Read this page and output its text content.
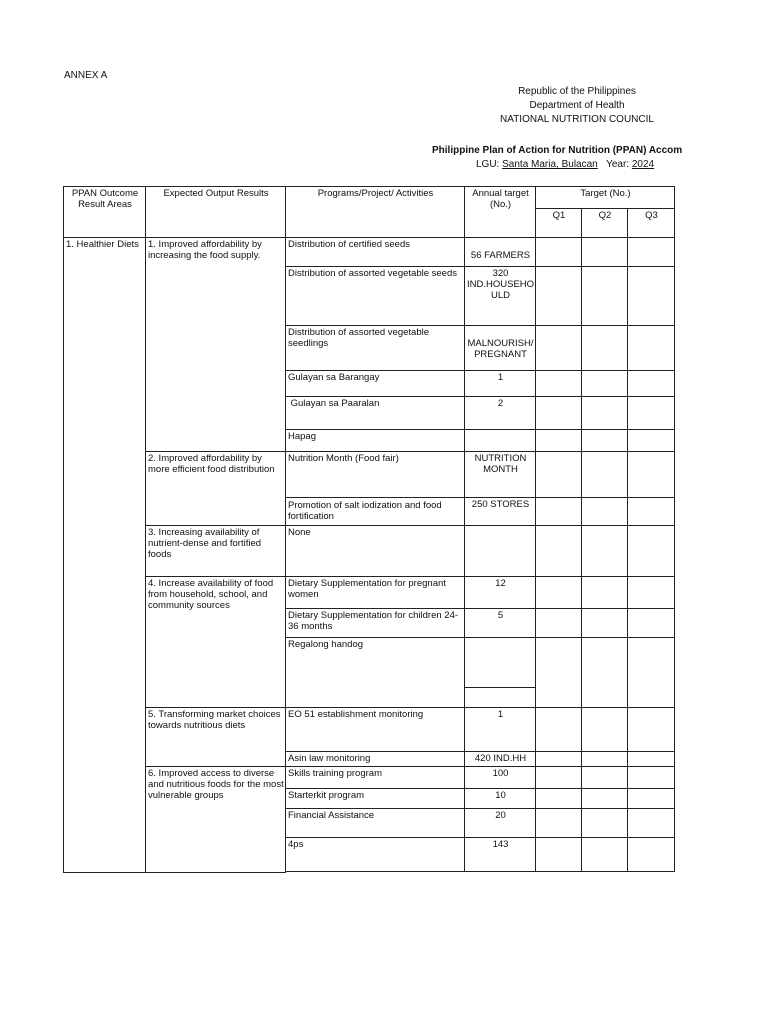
ANNEX A
Republic of the Philippines
Department of Health
NATIONAL NUTRITION COUNCIL
Philippine Plan of Action for Nutrition (PPAN) Accom
LGU: Santa Maria, Bulacan Year: 2024
PPAN Outcome Result Areas	Expected Output Results	Programs/Project/ Activities	Annual target (No.)	Target (No.)		
				Q1	Q2	Q3
1. Healthier Diets	1. Improved affordability by increasing the food supply.	Distribution of certified seeds	56 FARMERS			
		Distribution of assorted vegetable seeds	320 IND.HOUSEHO ULD			
		Distribution of assorted vegetable seedlings	MALNOURISH/ PREGNANT			
		Gulayan sa Barangay	1			
		Gulayan sa Paaralan	2			
		Hapag				
	2. Improved affordability by more efficient food distribution	Nutrition Month (Food fair)	NUTRITION MONTH			
		Promotion of salt iodization and food fortification	250 STORES			
	3. Increasing availability of nutrient-dense and fortified foods	None				
	4. Increase availability of food from household, school, and community sources	Dietary Supplementation for pregnant women	12			
		Dietary Supplementation for children 24-36 months	5			
		Regalong handog	

	5. Transforming market choices towards nutritious diets	EO 51 establishment monitoring	1			
		Asin law monitoring	420 IND.HH			
	6. Improved access to diverse and nutritious foods for the most vulnerable groups	Skills training program	100			
		Starterkit program	10			
		Financial Assistance	20			
		4ps	143			
